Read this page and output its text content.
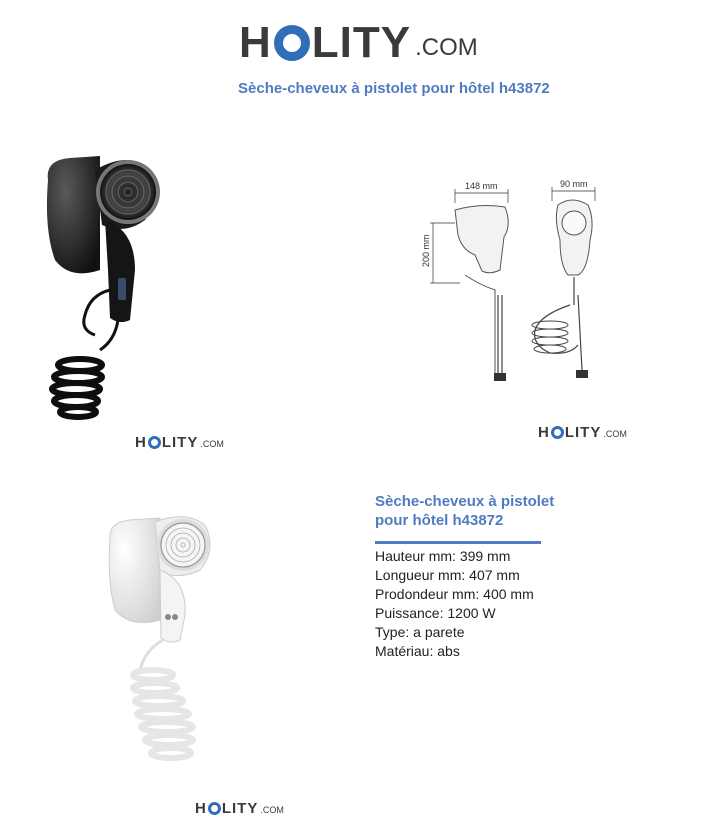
H LITY .COM
Sèche-cheveux à pistolet pour hôtel h43872
H LITY .COM
148 mm	90 mm
200 mm
H LITY .COM
H LITY .COM
Sèche-cheveux à pistolet
pour hôtel h43872
Hauteur mm: 399 mm
Longueur mm: 407 mm
Prodondeur mm: 400 mm
Puissance: 1200 W
Type: a parete
Matériau: abs
